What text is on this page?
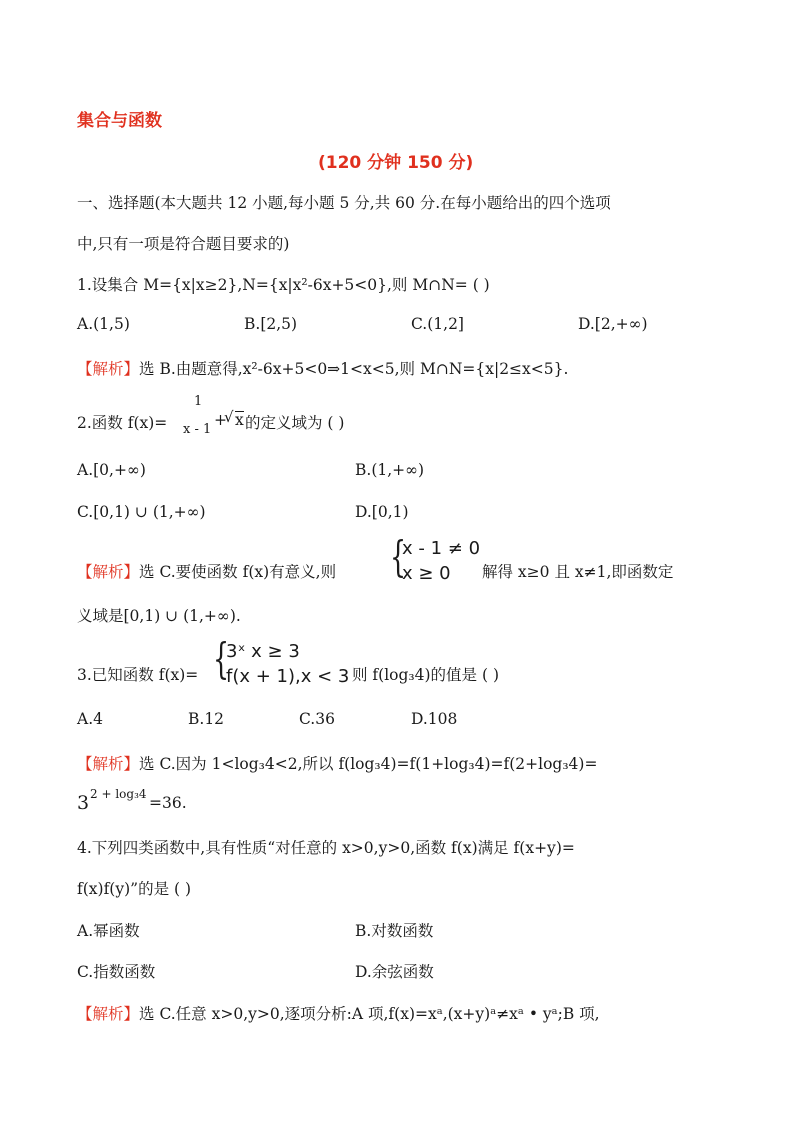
集合与函数
(120 分钟 150 分)
一、选择题(本大题共 12 小题,每小题 5 分,共 60 分.在每小题给出的四个选项
中,只有一项是符合题目要求的)
1.设集合 M={x|x≥2},N={x|x²-6x+5<0},则 M∩N= ( )
A.(1,5)	B.[2,5)	C.(1,2]	D.[2,+∞)
【解析】选 B.由题意得,x²-6x+5<0⇒1<x<5,则 M∩N={x|2≤x<5}.
2.函数 f(x)=
1
x - 1
+
√ x 的定义域为 ( )
A.[0,+∞)	B.(1,+∞)
C.[0,1) ∪ (1,+∞)	D.[0,1)
【解析】选 C.要使函数 f(x)有意义,则 {
x - 1 ≠ 0
x ≥ 0 解得 x≥0 且 x≠1,即函数定
义域是[0,1) ∪ (1,+∞).
3.已知函数 f(x)= {
3ˣ x ≥ 3
f(x + 1),x < 3 则 f(log₃4)的值是 ( )
A.4	B.12	C.36	D.108
【解析】选 C.因为 1<log₃4<2,所以 f(log₃4)=f(1+log₃4)=f(2+log₃4)=
3 2 + log₃4 =36.
4.下列四类函数中,具有性质“对任意的 x>0,y>0,函数 f(x)满足 f(x+y)=
f(x)f(y)”的是 ( )
A.幂函数	B.对数函数
C.指数函数	D.余弦函数
【解析】选 C.任意 x>0,y>0,逐项分析:A 项,f(x)=xᵃ,(x+y)ᵃ≠xᵃ • yᵃ;B 项,
